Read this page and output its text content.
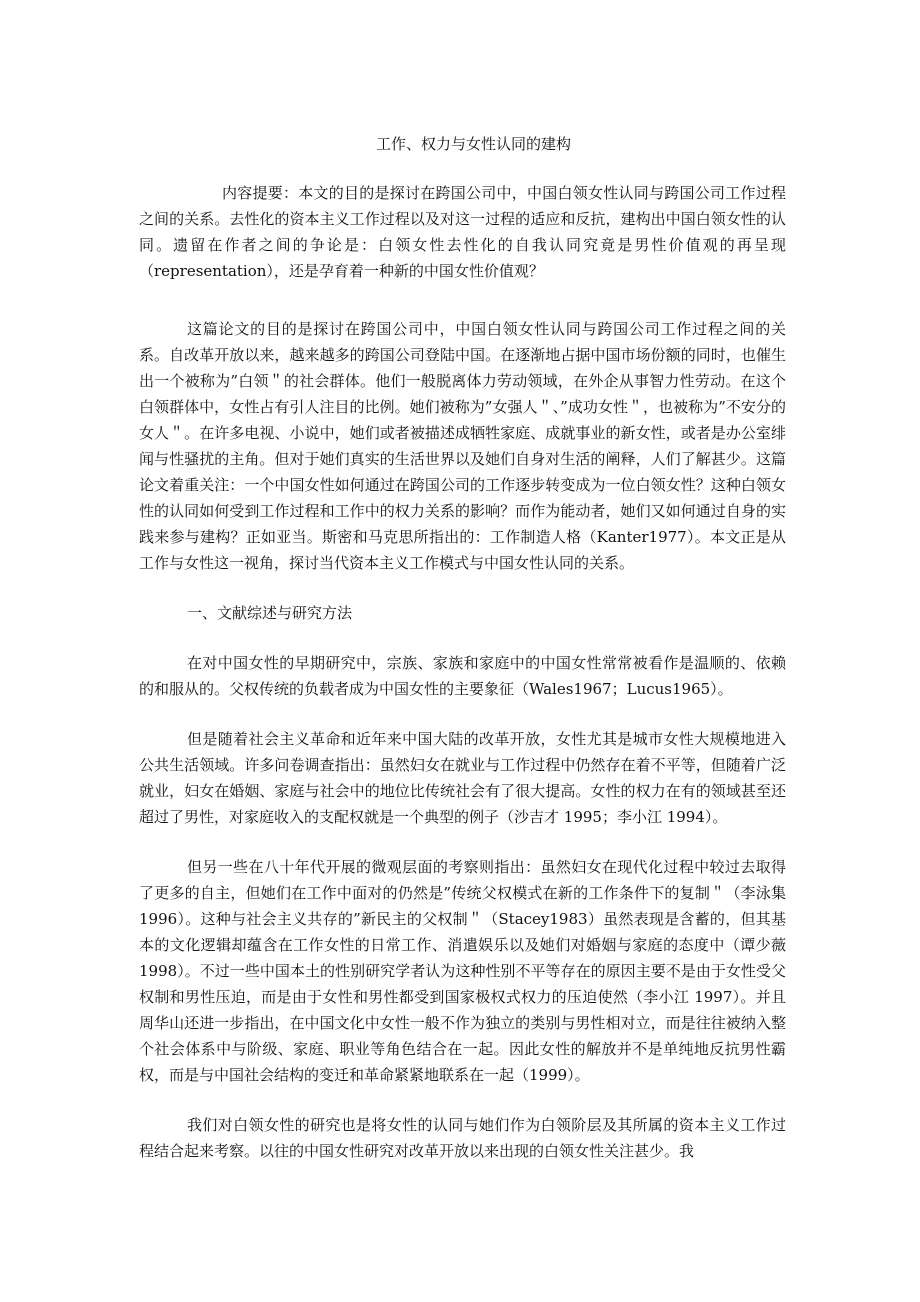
工作、权力与女性认同的建构

内容提要：本文的目的是探讨在跨国公司中，中国白领女性认同与跨国公司工作过程之间的关系。去性化的资本主义工作过程以及对这一过程的适应和反抗，建构出中国白领女性的认同。遗留在作者之间的争论是：白领女性去性化的自我认同究竟是男性价值观的再呈现（representation），还是孕育着一种新的中国女性价值观？

这篇论文的目的是探讨在跨国公司中，中国白领女性认同与跨国公司工作过程之间的关系。自改革开放以来，越来越多的跨国公司登陆中国。在逐渐地占据中国市场份额的同时，也催生出一个被称为”白领＂的社会群体。他们一般脱离体力劳动领域，在外企从事智力性劳动。在这个白领群体中，女性占有引人注目的比例。她们被称为”女强人＂、”成功女性＂，也被称为”不安分的女人＂。在许多电视、小说中，她们或者被描述成牺牲家庭、成就事业的新女性，或者是办公室绯闻与性骚扰的主角。但对于她们真实的生活世界以及她们自身对生活的阐释，人们了解甚少。这篇论文着重关注：一个中国女性如何通过在跨国公司的工作逐步转变成为一位白领女性？这种白领女性的认同如何受到工作过程和工作中的权力关系的影响？而作为能动者，她们又如何通过自身的实践来参与建构？正如亚当。斯密和马克思所指出的：工作制造人格（Kanter1977）。本文正是从工作与女性这一视角，探讨当代资本主义工作模式与中国女性认同的关系。

一、文献综述与研究方法

在对中国女性的早期研究中，宗族、家族和家庭中的中国女性常常被看作是温顺的、依赖的和服从的。父权传统的负载者成为中国女性的主要象征（Wales1967；Lucus1965）。

但是随着社会主义革命和近年来中国大陆的改革开放，女性尤其是城市女性大规模地进入公共生活领域。许多问卷调查指出：虽然妇女在就业与工作过程中仍然存在着不平等，但随着广泛就业，妇女在婚姻、家庭与社会中的地位比传统社会有了很大提高。女性的权力在有的领域甚至还超过了男性，对家庭收入的支配权就是一个典型的例子（沙吉才 1995；李小江 1994）。

但另一些在八十年代开展的微观层面的考察则指出：虽然妇女在现代化过程中较过去取得了更多的自主，但她们在工作中面对的仍然是”传统父权模式在新的工作条件下的复制＂（李泳集 1996）。这种与社会主义共存的”新民主的父权制＂（Stacey1983）虽然表现是含蓄的，但其基本的文化逻辑却蕴含在工作女性的日常工作、消遣娱乐以及她们对婚姻与家庭的态度中（谭少薇 1998）。不过一些中国本土的性别研究学者认为这种性别不平等存在的原因主要不是由于女性受父权制和男性压迫，而是由于女性和男性都受到国家极权式权力的压迫使然（李小江 1997）。并且周华山还进一步指出，在中国文化中女性一般不作为独立的类别与男性相对立，而是往往被纳入整个社会体系中与阶级、家庭、职业等角色结合在一起。因此女性的解放并不是单纯地反抗男性霸权，而是与中国社会结构的变迁和革命紧紧地联系在一起（1999）。

我们对白领女性的研究也是将女性的认同与她们作为白领阶层及其所属的资本主义工作过程结合起来考察。以往的中国女性研究对改革开放以来出现的白领女性关注甚少。我
